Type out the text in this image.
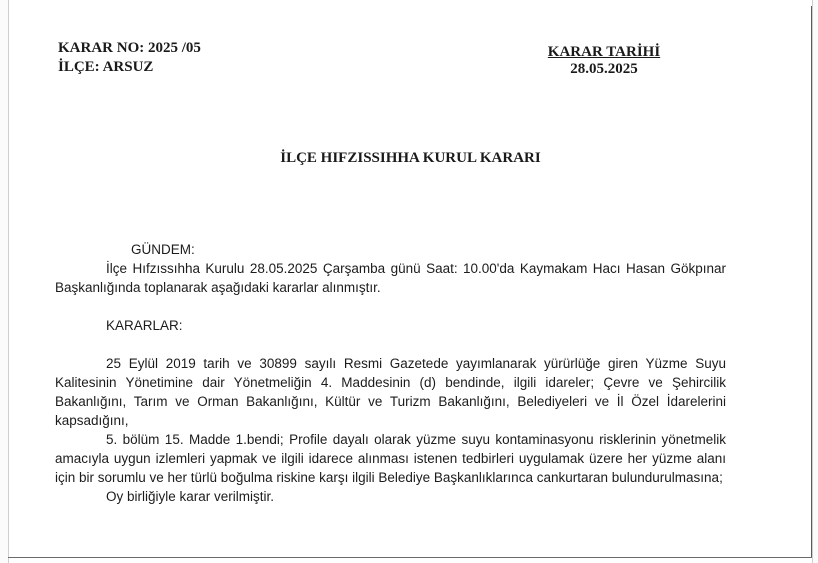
KARAR NO: 2025 /05
İLÇE: ARSUZ
KARAR TARİHİ
28.05.2025
İLÇE HIFZISSIHHA KURUL KARARI

GÜNDEM:

İlçe Hıfzıssıhha Kurulu 28.05.2025 Çarşamba günü Saat: 10.00'da Kaymakam Hacı Hasan Gökpınar Başkanlığında toplanarak aşağıdaki kararlar alınmıştır.

KARARLAR:

25 Eylül 2019 tarih ve 30899 sayılı Resmi Gazetede yayımlanarak yürürlüğe giren Yüzme Suyu Kalitesinin Yönetimine dair Yönetmeliğin 4. Maddesinin (d) bendinde, ilgili idareler; Çevre ve Şehircilik Bakanlığını, Tarım ve Orman Bakanlığını, Kültür ve Turizm Bakanlığını, Belediyeleri ve İl Özel İdarelerini kapsadığını,

5. bölüm 15. Madde 1.bendi; Profile dayalı olarak yüzme suyu kontaminasyonu risklerinin yönetmelik amacıyla uygun izlemleri yapmak ve ilgili idarece alınması istenen tedbirleri uygulamak üzere her yüzme alanı için bir sorumlu ve her türlü boğulma riskine karşı ilgili Belediye Başkanlıklarınca cankurtaran bulundurulmasına;

Oy birliğiyle karar verilmiştir.
